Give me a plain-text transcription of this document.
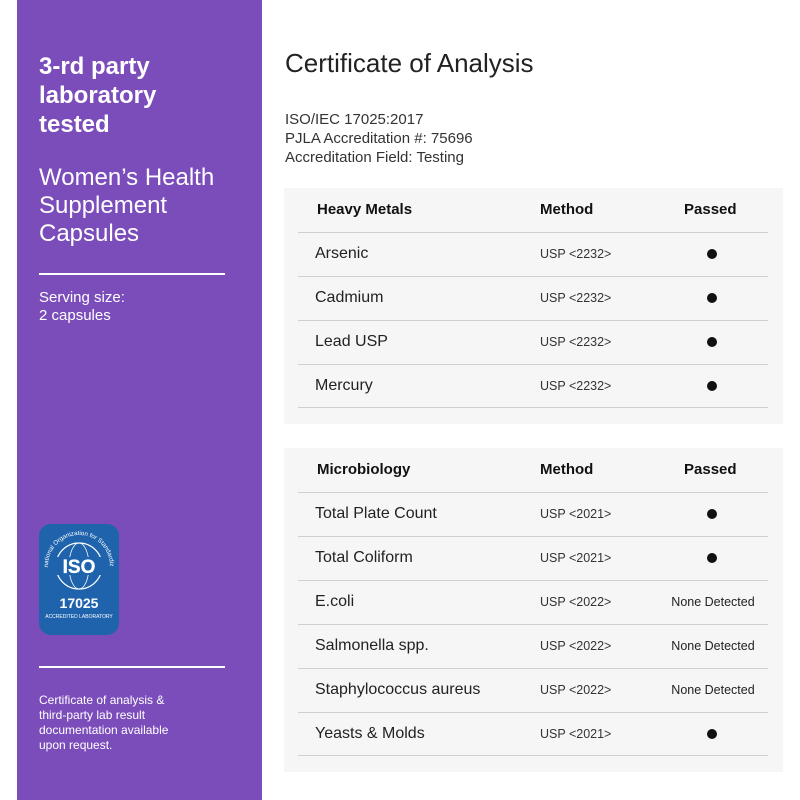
3-rd party
laboratory
tested
Women’s Health
Supplement
Capsules
Serving size:
2 capsules
national Organization for Standardiz
ISO
17025
ACCREDITED LABORATORY
Certificate of analysis &
third-party lab result
documentation available
upon request.
Certificate of Analysis
ISO/IEC 17025:2017
PJLA Accreditation #: 75696
Accreditation Field: Testing
Heavy Metals	Method	Passed
Arsenic	USP <2232>
Cadmium	USP <2232>
Lead USP	USP <2232>
Mercury	USP <2232>
Microbiology	Method	Passed
Total Plate Count	USP <2021>
Total Coliform	USP <2021>
E.coli	USP <2022>	None Detected
Salmonella spp.	USP <2022>	None Detected
Staphylococcus aureus	USP <2022>	None Detected
Yeasts & Molds	USP <2021>
